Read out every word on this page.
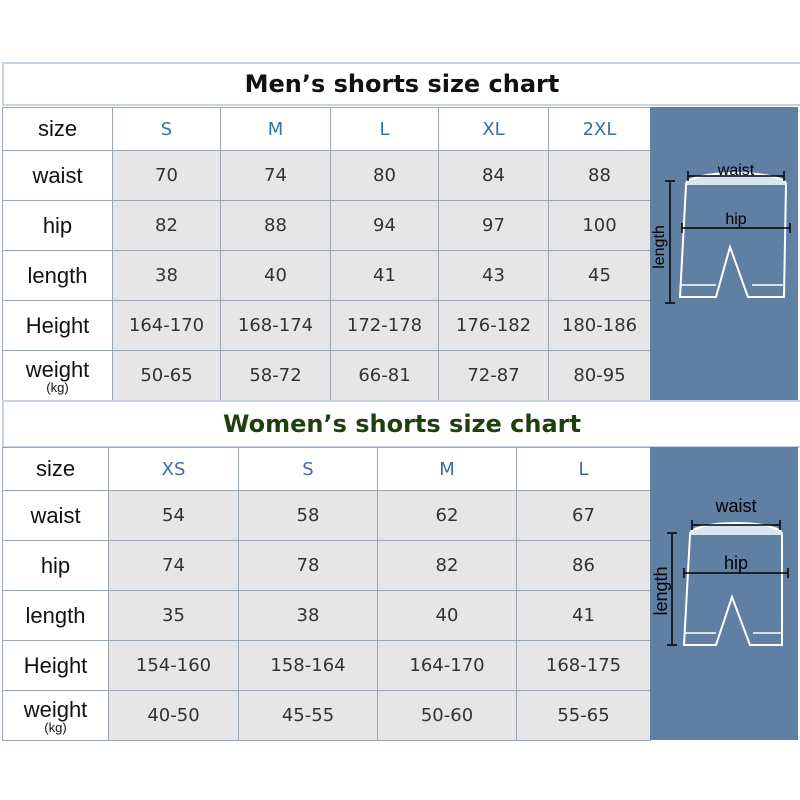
Men’s shorts size chart
size	S	M	L	XL	2XL
waist	70	74	80	84	88
hip	82	88	94	97	100
length	38	40	41	43	45
Height	164-170	168-174	172-178	176-182	180-186
weight
(kg)	50-65	58-72	66-81	72-87	80-95
waist
hip
length
Women’s shorts size chart
size	XS	S	M	L
waist	54	58	62	67
hip	74	78	82	86
length	35	38	40	41
Height	154-160	158-164	164-170	168-175
weight
(kg)	40-50	45-55	50-60	55-65
waist
hip
length
